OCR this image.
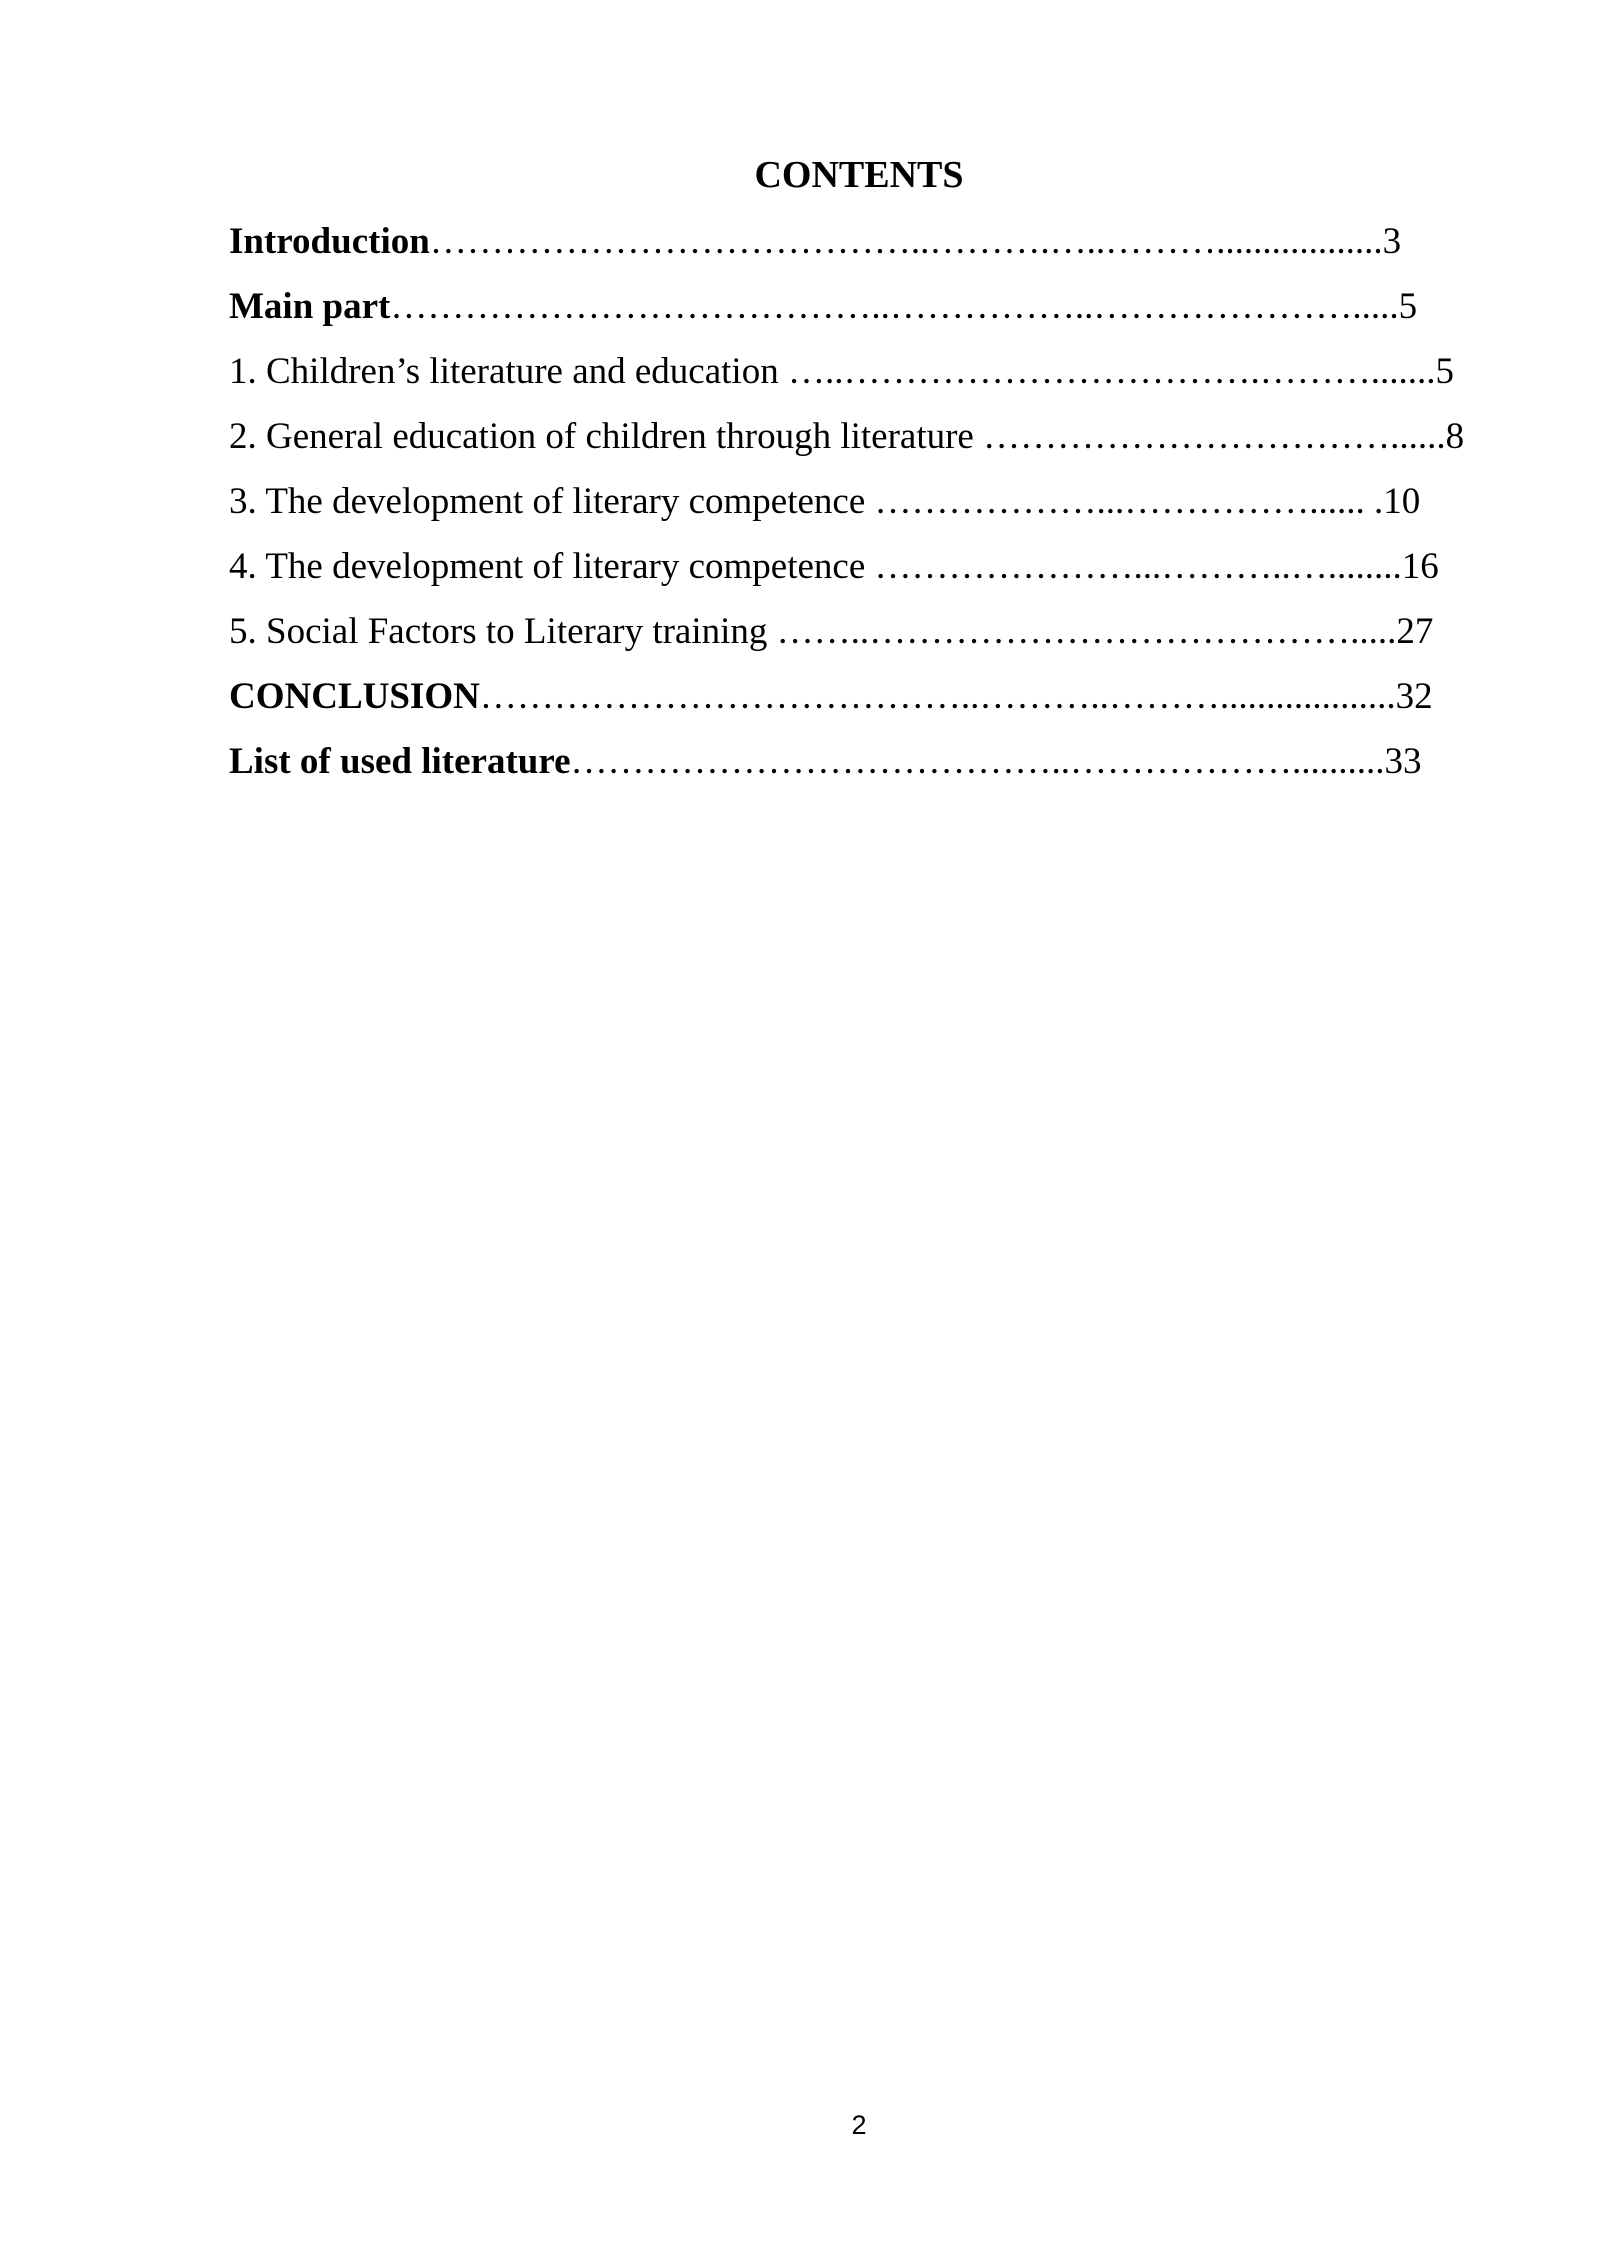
CONTENTS
Introduction…………………………………..……….…..………..................3
Main part…………………………………..……………..………………….....5
1. Children’s literature and education …..…………………………….……….......5
2. General education of children through literature ……………………………......8
3. The development of literary competence ………………...……………...... .10
4. The development of literary competence …………………...………..…........16
5. Social Factors to Literary training ……..………………………………….....27
CONCLUSION…………………………………..………..………...................32
List of used literature…………………………………..………………..........33
2
